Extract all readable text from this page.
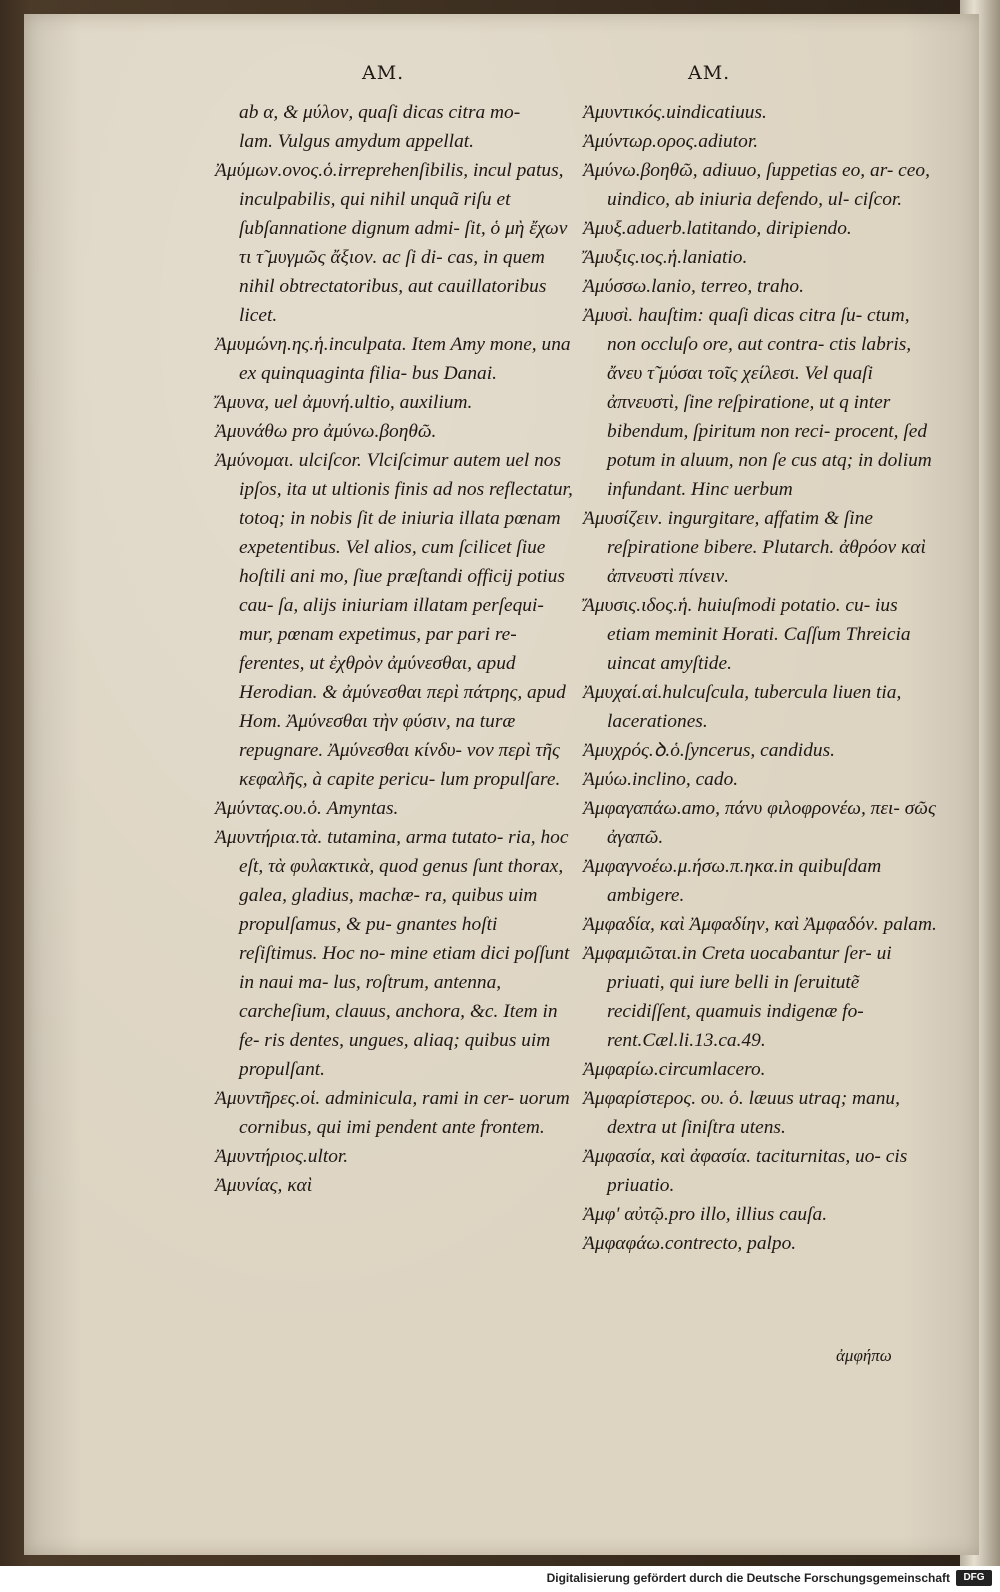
AM.	AM.

ab α, & μύλον, quaſi dicas citra mo-

lam. Vulgus amydum appellat.

Ἀμύμων.ονος.ὁ.irreprehenſibilis, incul patus, inculpabilis, qui nihil unquã riſu et ſubſannatione dignum admi- ſit, ὁ μὴ ἔχων τι τ̃ μυγμῶς ἄξιον. ac ſi di- cas, in quem nihil obtrectatoribus, aut cauillatoribus licet.

Ἀμυμώνη.ης.ἡ.inculpata. Item Amy mone, una ex quinquaginta filia- bus Danai.

Ἄμυνα, uel ἀμυνή.ultio, auxilium.

Ἀμυνάθω pro ἀμύνω.βοηθῶ.

Ἀμύνομαι. ulciſcor. Vlciſcimur autem uel nos ipſos, ita ut ultionis finis ad nos reflectatur, totoq; in nobis ſit de iniuria illata pœnam expetentibus. Vel alios, cum ſcilicet ſiue hoſtili ani mo, ſiue præſtandi officij potius cau- ſa, alijs iniuriam illatam perſequi- mur, pœnam expetimus, par pari re- ferentes, ut ἐχθρὸν ἀμύνεσθαι, apud Herodian. & ἀμύνεσθαι περὶ πάτρης, apud Hom. Ἀμύνεσθαι τὴν φύσιν, na turæ repugnare. Ἀμύνεσθαι κίνδυ- νον περὶ τῆς κεφαλῆς, à capite pericu- lum propulſare.

Ἀμύντας.ου.ὁ. Amyntas.

Ἀμυντήρια.τὰ. tutamina, arma tutato- ria, hoc eſt, τὰ φυλακτικὰ, quod genus ſunt thorax, galea, gladius, machæ- ra, quibus uim propulſamus, & pu- gnantes hoſti reſiſtimus. Hoc no- mine etiam dici poſſunt in naui ma- lus, roſtrum, antenna, carcheſium, clauus, anchora, &c. Item in fe- ris dentes, ungues, aliaq; quibus uim propulſant.

Ἀμυντῆρες.οἱ. adminicula, rami in cer- uorum cornibus, qui imi pendent ante frontem.

Ἀμυντήριος.ultor.

Ἀμυνίας, καὶ

Ἀμυντικός.uindicatiuus.

Ἀμύντωρ.ορος.adiutor.

Ἀμύνω.βοηθῶ, adiuuo, ſuppetias eo, ar- ceo, uindico, ab iniuria defendo, ul- ciſcor.

Ἀμυξ.aduerb.latitando, diripiendo.

Ἄμυξις.ιος.ἡ.laniatio.

Ἀμύσσω.lanio, terreo, traho.

Ἀμυσὶ. hauſtim: quaſi dicas citra ſu- ctum, non occluſo ore, aut contra- ctis labris, ἄνευ τ̃ μύσαι τοῖς χείλεσι. Vel quaſi ἀπνευστὶ, ſine reſpiratione, ut q inter bibendum, ſpiritum non reci- procent, ſed potum in aluum, non ſe cus atq; in dolium infundant. Hinc uerbum

Ἀμυσίζειν. ingurgitare, affatim & ſine reſpiratione bibere. Plutarch. ἀθρόον καὶ ἀπνευστὶ πίνειν.

Ἄμυσις.ιδος.ἡ. huiuſmodi potatio. cu- ius etiam meminit Horati. Caſſum Threicia uincat amyſtide.

Ἀμυχαί.αἱ.hulcuſcula, tubercula liuen tia, lacerationes.

Ἀμυχρός.ꝺ.ὁ.ſyncerus, candidus.

Ἀμύω.inclino, cado.

Ἀμφαγαπάω.amo, πάνυ φιλοφρονέω, πει- σῶς ἀγαπῶ.

Ἀμφαγνοέω.μ.ήσω.π.ηκα.in quibuſdam ambigere.

Ἀμφαδία, καὶ Ἀμφαδίην, καὶ Ἀμφαδόν. palam.

Ἀμφαμιῶται.in Creta uocabantur ſer- ui priuati, qui iure belli in ſeruitutẽ recidiſſent, quamuis indigenæ fo- rent.Cæl.li.13.ca.49.

Ἀμφαρίω.circumlacero.

Ἀμφαρίστερος. ου. ὁ. læuus utraq; manu, dextra ut ſiniſtra utens.

Ἀμφασία, καὶ ἀφασία. taciturnitas, uo- cis priuatio.

Ἀμφ' αὐτῷ.pro illo, illius cauſa.

Ἀμφαφάω.contrecto, palpo.

ἀμφήπω
Digitalisierung gefördert durch die Deutsche Forschungsgemeinschaft	DFG
